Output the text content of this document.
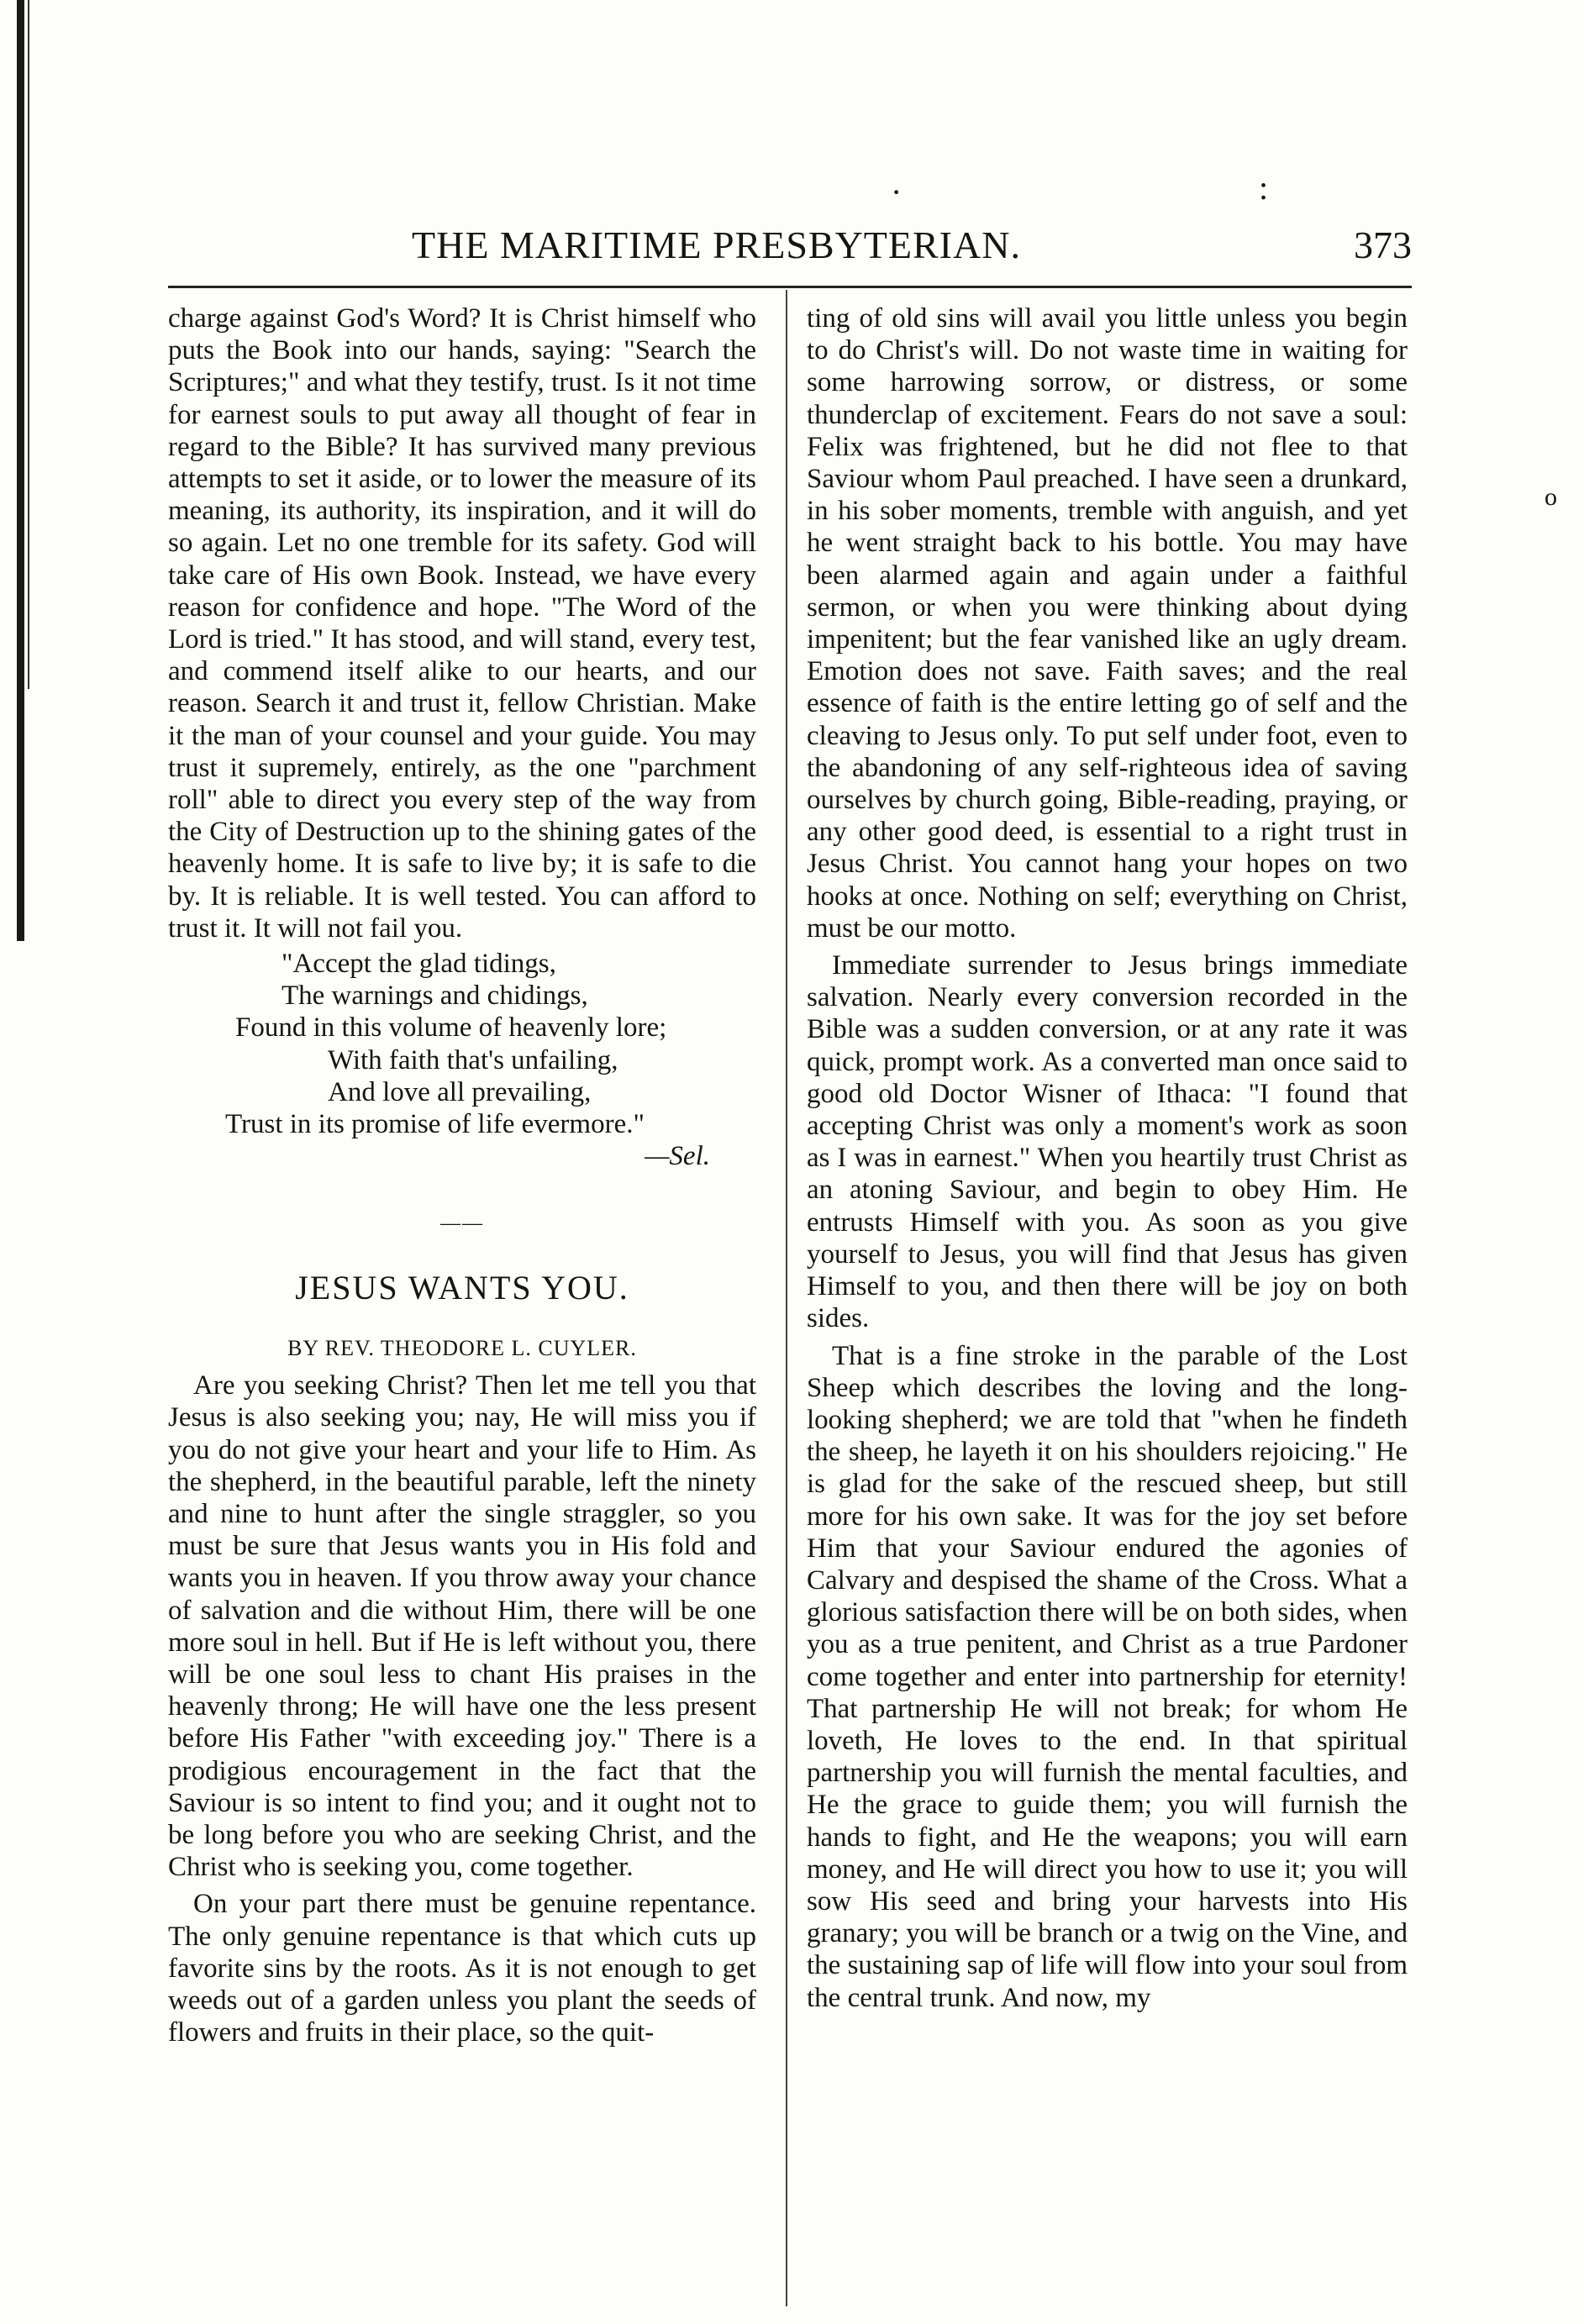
·	:
o
THE MARITIME PRESBYTERIAN.	373

charge against God's Word? It is Christ himself who puts the Book into our hands, saying: "Search the Scriptures;" and what they testify, trust. Is it not time for earnest souls to put away all thought of fear in regard to the Bible? It has survived many previous attempts to set it aside, or to lower the measure of its meaning, its authority, its inspiration, and it will do so again. Let no one tremble for its safety. God will take care of His own Book. Instead, we have every reason for confidence and hope. "The Word of the Lord is tried." It has stood, and will stand, every test, and commend itself alike to our hearts, and our reason. Search it and trust it, fellow Christian. Make it the man of your counsel and your guide. You may trust it supremely, entirely, as the one "parchment roll" able to direct you every step of the way from the City of Destruction up to the shining gates of the heavenly home. It is safe to live by; it is safe to die by. It is reliable. It is well tested. You can afford to trust it. It will not fail you.

"Accept the glad tidings,
The warnings and chidings,
Found in this volume of heavenly lore;
With faith that's unfailing,
And love all prevailing,
Trust in its promise of life evermore."
—Sel.
——
JESUS WANTS YOU.
BY REV. THEODORE L. CUYLER.

Are you seeking Christ? Then let me tell you that Jesus is also seeking you; nay, He will miss you if you do not give your heart and your life to Him. As the shepherd, in the beautiful parable, left the ninety and nine to hunt after the single straggler, so you must be sure that Jesus wants you in His fold and wants you in heaven. If you throw away your chance of salvation and die without Him, there will be one more soul in hell. But if He is left without you, there will be one soul less to chant His praises in the heavenly throng; He will have one the less present before His Father "with exceeding joy." There is a prodigious encouragement in the fact that the Saviour is so intent to find you; and it ought not to be long before you who are seeking Christ, and the Christ who is seeking you, come together.

On your part there must be genuine repentance. The only genuine repentance is that which cuts up favorite sins by the roots. As it is not enough to get weeds out of a garden unless you plant the seeds of flowers and fruits in their place, so the quit-

ting of old sins will avail you little unless you begin to do Christ's will. Do not waste time in waiting for some harrowing sorrow, or distress, or some thunderclap of excitement. Fears do not save a soul: Felix was frightened, but he did not flee to that Saviour whom Paul preached. I have seen a drunkard, in his sober moments, tremble with anguish, and yet he went straight back to his bottle. You may have been alarmed again and again under a faithful sermon, or when you were thinking about dying impenitent; but the fear vanished like an ugly dream. Emotion does not save. Faith saves; and the real essence of faith is the entire letting go of self and the cleaving to Jesus only. To put self under foot, even to the abandoning of any self-righteous idea of saving ourselves by church going, Bible-reading, praying, or any other good deed, is essential to a right trust in Jesus Christ. You cannot hang your hopes on two hooks at once. Nothing on self; everything on Christ, must be our motto.

Immediate surrender to Jesus brings immediate salvation. Nearly every conversion recorded in the Bible was a sudden conversion, or at any rate it was quick, prompt work. As a converted man once said to good old Doctor Wisner of Ithaca: "I found that accepting Christ was only a moment's work as soon as I was in earnest." When you heartily trust Christ as an atoning Saviour, and begin to obey Him. He entrusts Himself with you. As soon as you give yourself to Jesus, you will find that Jesus has given Himself to you, and then there will be joy on both sides.

That is a fine stroke in the parable of the Lost Sheep which describes the loving and the long-looking shepherd; we are told that "when he findeth the sheep, he layeth it on his shoulders rejoicing." He is glad for the sake of the rescued sheep, but still more for his own sake. It was for the joy set before Him that your Saviour endured the agonies of Calvary and despised the shame of the Cross. What a glorious satisfaction there will be on both sides, when you as a true penitent, and Christ as a true Pardoner come together and enter into partnership for eternity! That partnership He will not break; for whom He loveth, He loves to the end. In that spiritual partnership you will furnish the mental faculties, and He the grace to guide them; you will furnish the hands to fight, and He the weapons; you will earn money, and He will direct you how to use it; you will sow His seed and bring your harvests into His granary; you will be branch or a twig on the Vine, and the sustaining sap of life will flow into your soul from the central trunk. And now, my
